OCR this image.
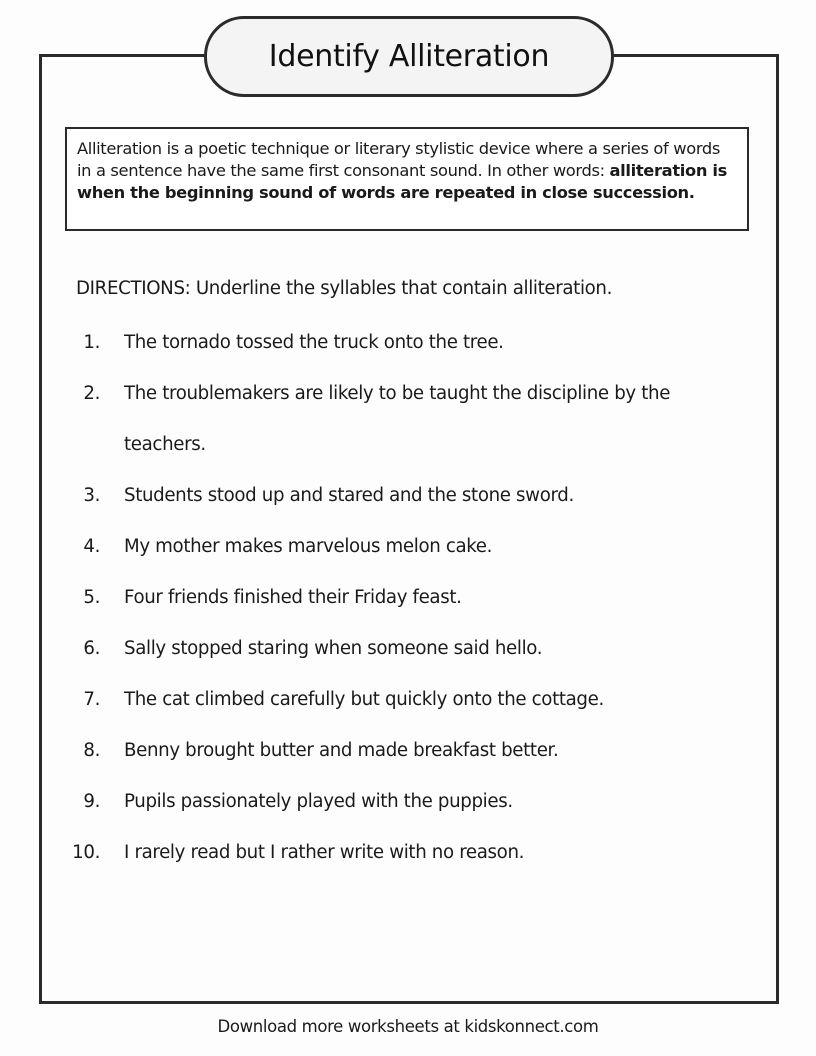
Identify Alliteration
Alliteration is a poetic technique or literary stylistic device where a series of words in a sentence have the same first consonant sound. In other words: alliteration is when the beginning sound of words are repeated in close succession.
DIRECTIONS: Underline the syllables that contain alliteration.
1. The tornado tossed the truck onto the tree.
2. The troublemakers are likely to be taught the discipline by the
teachers.
3. Students stood up and stared and the stone sword.
4. My mother makes marvelous melon cake.
5. Four friends finished their Friday feast.
6. Sally stopped staring when someone said hello.
7. The cat climbed carefully but quickly onto the cottage.
8. Benny brought butter and made breakfast better.
9. Pupils passionately played with the puppies.
10. I rarely read but I rather write with no reason.
Download more worksheets at kidskonnect.com
